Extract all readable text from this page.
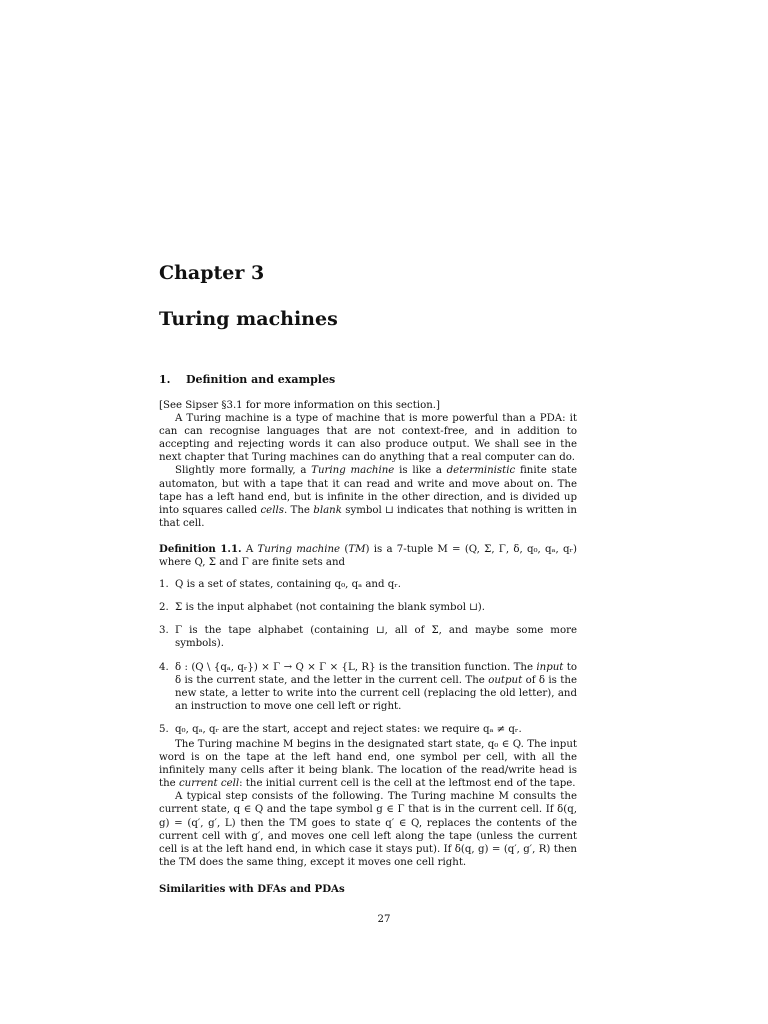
Chapter 3
Turing machines
1. Definition and examples

[See Sipser §3.1 for more information on this section.]

A Turing machine is a type of machine that is more powerful than a PDA: it can can recognise languages that are not context-free, and in addition to accepting and rejecting words it can also produce output. We shall see in the next chapter that Turing machines can do anything that a real computer can do.

Slightly more formally, a Turing machine is like a deterministic finite state automaton, but with a tape that it can read and write and move about on. The tape has a left hand end, but is infinite in the other direction, and is divided up into squares called cells. The blank symbol ⊔ indicates that nothing is written in that cell.

Definition 1.1. A Turing machine (TM) is a 7-tuple M = (Q, Σ, Γ, δ, q₀, qₐ, qᵣ) where Q, Σ and Γ are finite sets and

1. Q is a set of states, containing q₀, qₐ and qᵣ.
2. Σ is the input alphabet (not containing the blank symbol ⊔).
3. Γ is the tape alphabet (containing ⊔, all of Σ, and maybe some more symbols).
4. δ : (Q \ {qₐ, qᵣ}) × Γ → Q × Γ × {L, R} is the transition function. The input to δ is the current state, and the letter in the current cell. The output of δ is the new state, a letter to write into the current cell (replacing the old letter), and an instruction to move one cell left or right.
5. q₀, qₐ, qᵣ are the start, accept and reject states: we require qₐ ≠ qᵣ.

The Turing machine M begins in the designated start state, q₀ ∈ Q. The input word is on the tape at the left hand end, one symbol per cell, with all the infinitely many cells after it being blank. The location of the read/write head is the current cell: the initial current cell is the cell at the leftmost end of the tape.

A typical step consists of the following. The Turing machine M consults the current state, q ∈ Q and the tape symbol g ∈ Γ that is in the current cell. If δ(q, g) = (q′, g′, L) then the TM goes to state q′ ∈ Q, replaces the contents of the current cell with g′, and moves one cell left along the tape (unless the current cell is at the left hand end, in which case it stays put). If δ(q, g) = (q′, g′, R) then the TM does the same thing, except it moves one cell right.

Similarities with DFAs and PDAs
27
